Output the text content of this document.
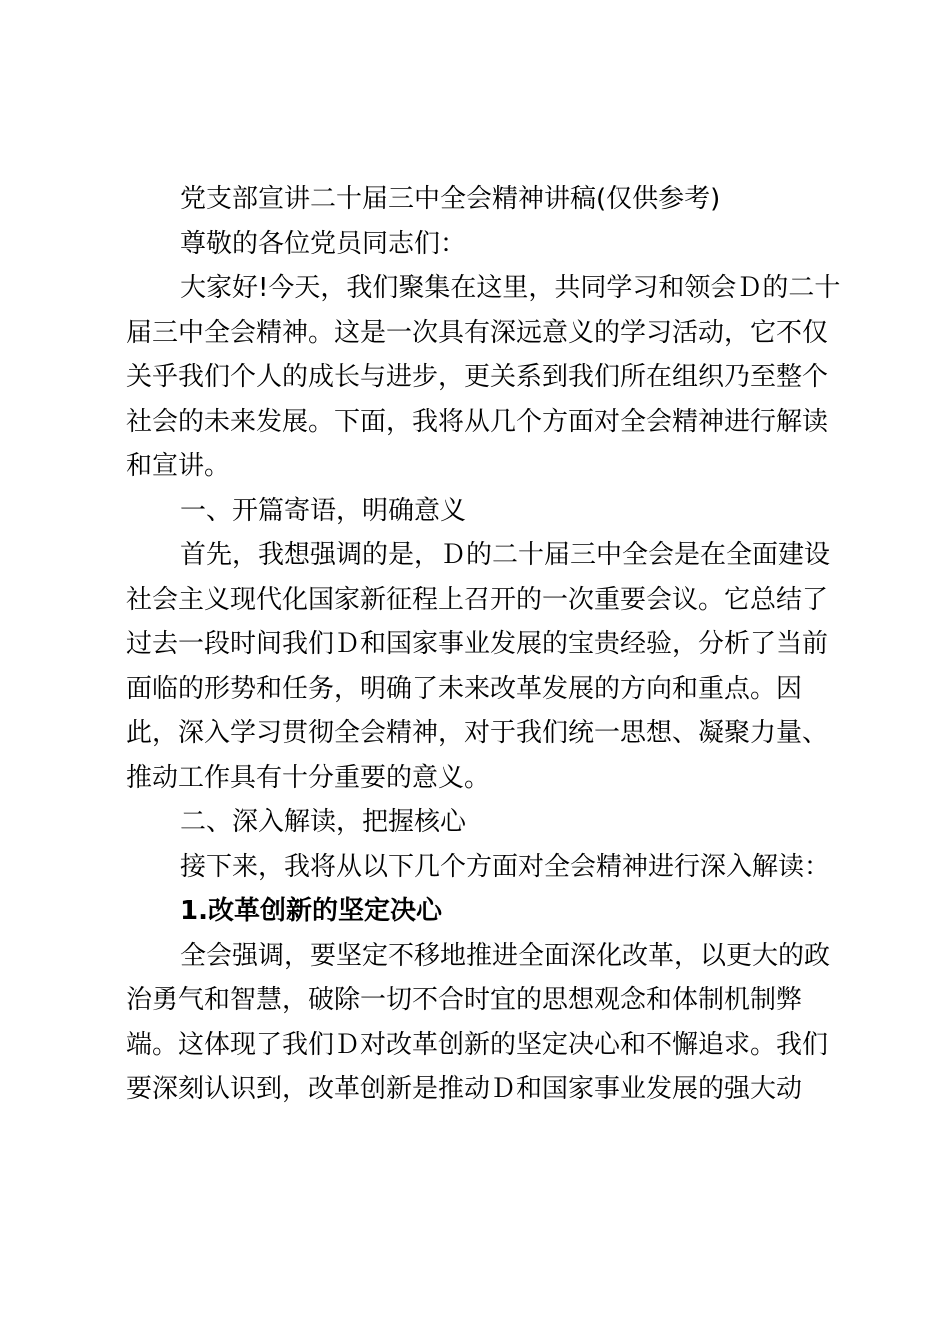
党支部宣讲二十届三中全会精神讲稿(仅供参考)
尊敬的各位党员同志们：
大家好!今天，我们聚集在这里，共同学习和领会Ｄ的二十
届三中全会精神。这是一次具有深远意义的学习活动，它不仅
关乎我们个人的成长与进步，更关系到我们所在组织乃至整个
社会的未来发展。下面，我将从几个方面对全会精神进行解读
和宣讲。
一、开篇寄语，明确意义
首先，我想强调的是，Ｄ的二十届三中全会是在全面建设
社会主义现代化国家新征程上召开的一次重要会议。它总结了
过去一段时间我们Ｄ和国家事业发展的宝贵经验，分析了当前
面临的形势和任务，明确了未来改革发展的方向和重点。因
此，深入学习贯彻全会精神，对于我们统一思想、凝聚力量、
推动工作具有十分重要的意义。
二、深入解读，把握核心
接下来，我将从以下几个方面对全会精神进行深入解读：
1.改革创新的坚定决心
全会强调，要坚定不移地推进全面深化改革，以更大的政
治勇气和智慧，破除一切不合时宜的思想观念和体制机制弊
端。这体现了我们Ｄ对改革创新的坚定决心和不懈追求。我们
要深刻认识到，改革创新是推动Ｄ和国家事业发展的强大动
